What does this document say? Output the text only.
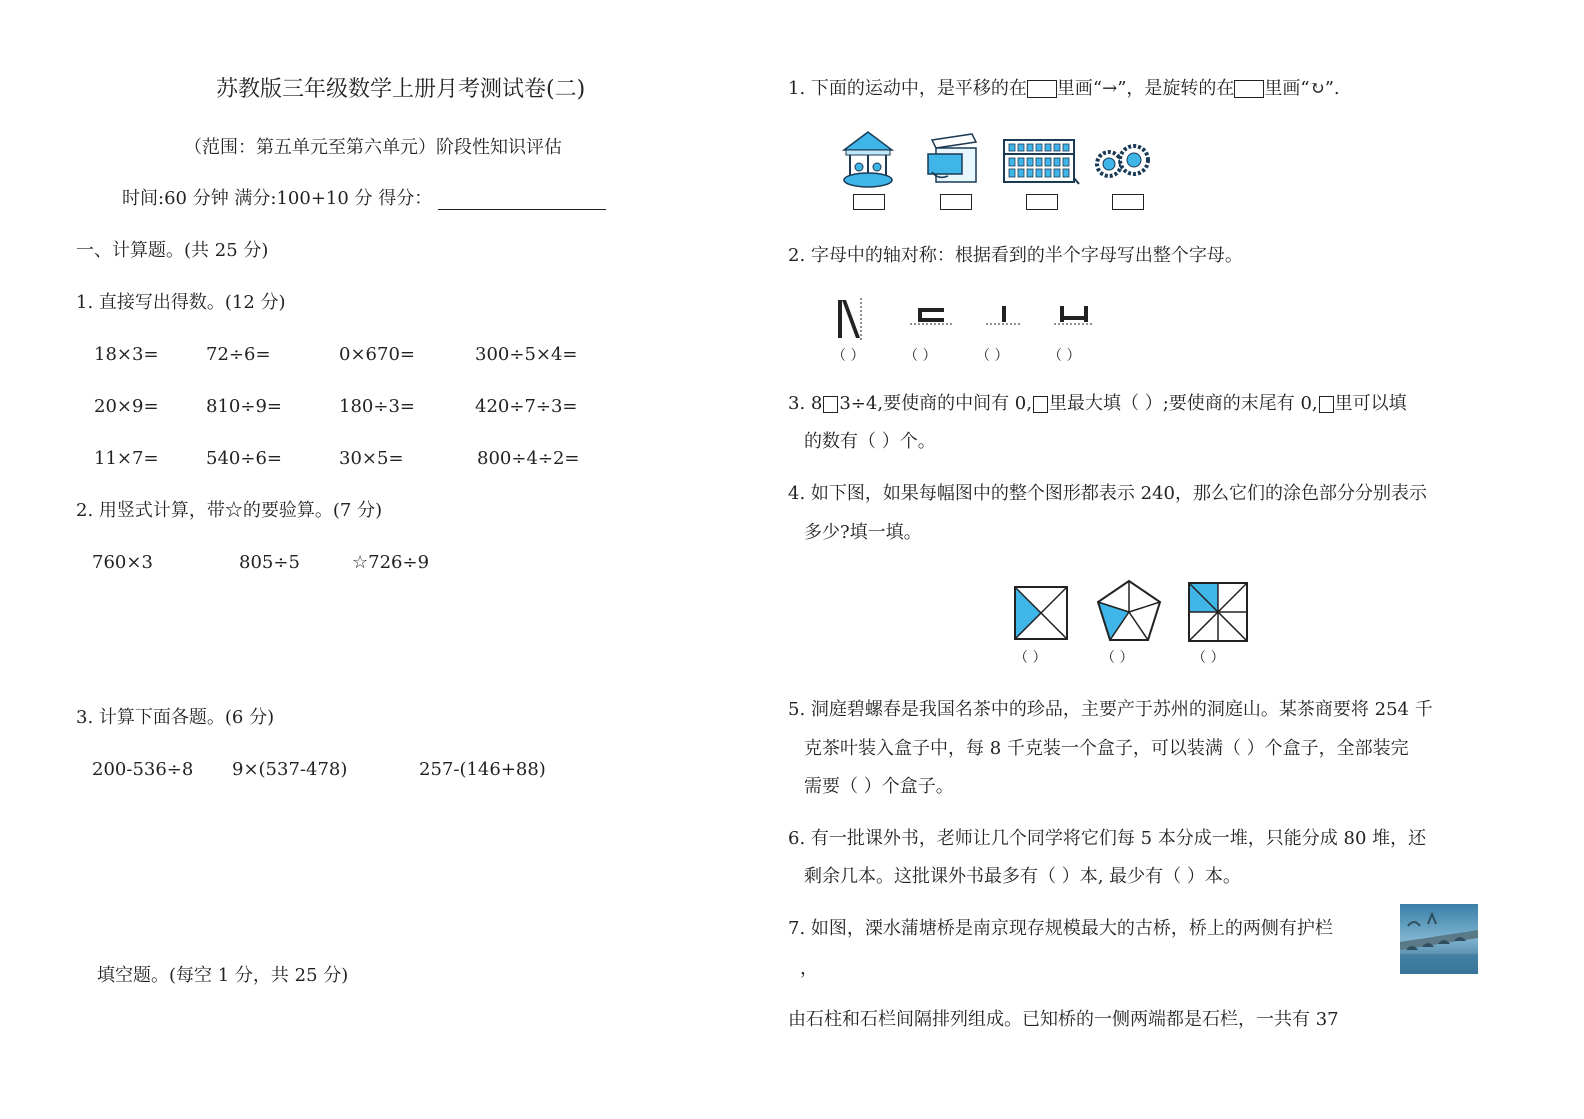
苏教版三年级数学上册月考测试卷(二)
（范围：第五单元至第六单元）阶段性知识评估
时间:60 分钟 满分:100+10 分 得分：
一、计算题。(共 25 分)
1. 直接写出得数。(12 分)
18×3=	72÷6=	0×670=	300÷5×4=
20×9=	810÷9=	180÷3=	420÷7÷3=
11×7=	540÷6=	30×5=	800÷4÷2=
2. 用竖式计算，带☆的要验算。(7 分)
760×3	805÷5	☆726÷9
3. 计算下面各题。(6 分)
200-536÷8 9×(537-478)	257-(146+88)
填空题。(每空 1 分，共 25 分)
1. 下面的运动中，是平移的在 里画“→”，是旋转的在 里画“↻”.
2. 字母中的轴对称：根据看到的半个字母写出整个字母。
（ ）	（ ）	（ ）	（ ）
3. 8 3÷4,要使商的中间有 0, 里最大填（ ）;要使商的末尾有 0, 里可以填
的数有（ ）个。
4. 如下图，如果每幅图中的整个图形都表示 240，那么它们的涂色部分分别表示
多少?填一填。
（ ）	（ ）	（ ）
5. 洞庭碧螺春是我国名茶中的珍品，主要产于苏州的洞庭山。某茶商要将 254 千
克茶叶装入盒子中，每 8 千克装一个盒子，可以装满（ ）个盒子，全部装完
需要（ ）个盒子。
6. 有一批课外书，老师让几个同学将它们每 5 本分成一堆，只能分成 80 堆，还
剩余几本。这批课外书最多有（ ）本, 最少有（ ）本。
7. 如图，溧水蒲塘桥是南京现存规模最大的古桥，桥上的两侧有护栏
，
由石柱和石栏间隔排列组成。已知桥的一侧两端都是石栏，一共有 37
